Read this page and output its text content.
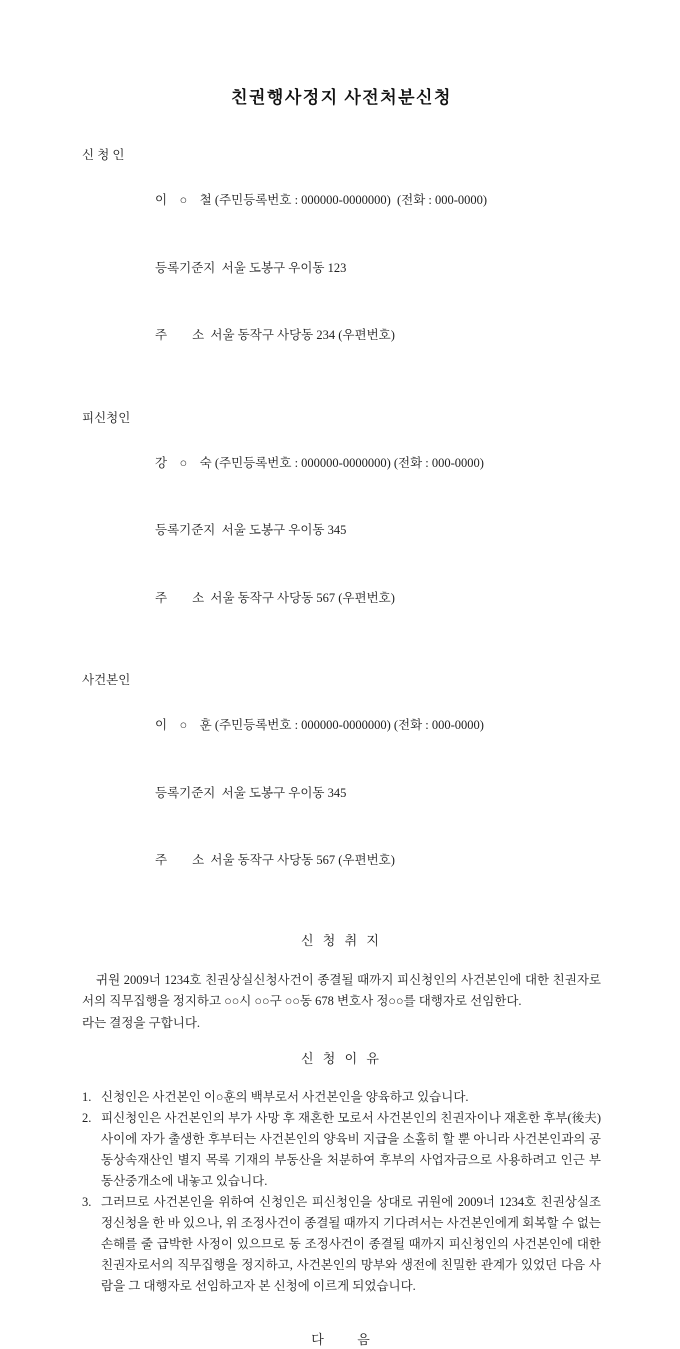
친권행사정지 사전처분신청
신 청 인

이    ○    철 (주민등록번호 : 000000-0000000)  (전화 : 000-0000)

등록기준지  서울 도봉구 우이동 123

주        소  서울 동작구 사당동 234 (우편번호)

피신청인

강    ○    숙 (주민등록번호 : 000000-0000000) (전화 : 000-0000)

등록기준지  서울 도봉구 우이동 345

주        소  서울 동작구 사당동 567 (우편번호)

사건본인

이    ○    훈 (주민등록번호 : 000000-0000000) (전화 : 000-0000)

등록기준지  서울 도봉구 우이동 345

주        소  서울 동작구 사당동 567 (우편번호)

신 청 취 지

귀원 2009너 1234호 친권상실신청사건이 종결될 때까지 피신청인의 사건본인에 대한 친권자로서의 직무집행을 정지하고 ○○시 ○○구 ○○동 678 변호사 정○○를 대행자로 선임한다.

라는 결정을 구합니다.

신 청 이 유
1. 신청인은 사건본인 이○훈의 백부로서 사건본인을 양육하고 있습니다.
2. 피신청인은 사건본인의 부가 사망 후 재혼한 모로서 사건본인의 친권자이나 재혼한 후부(後夫) 사이에 자가 출생한 후부터는 사건본인의 양육비 지급을 소홀히 할 뿐 아니라 사건본인과의 공동상속재산인 별지 목록 기재의 부동산을 처분하여 후부의 사업자금으로 사용하려고 인근 부동산중개소에 내놓고 있습니다.
3. 그러므로 사건본인을 위하여 신청인은 피신청인을 상대로 귀원에 2009너 1234호 친권상실조정신청을 한 바 있으나, 위 조정사건이 종결될 때까지 기다려서는 사건본인에게 회복할 수 없는 손해를 줄 급박한 사정이 있으므로 동 조정사건이 종결될 때까지 피신청인의 사건본인에 대한 친권자로서의 직무집행을 정지하고, 사건본인의 망부와 생전에 친밀한 관계가 있었던 다음 사람을 그 대행자로 선임하고자 본 신청에 이르게 되었습니다.
다      음
